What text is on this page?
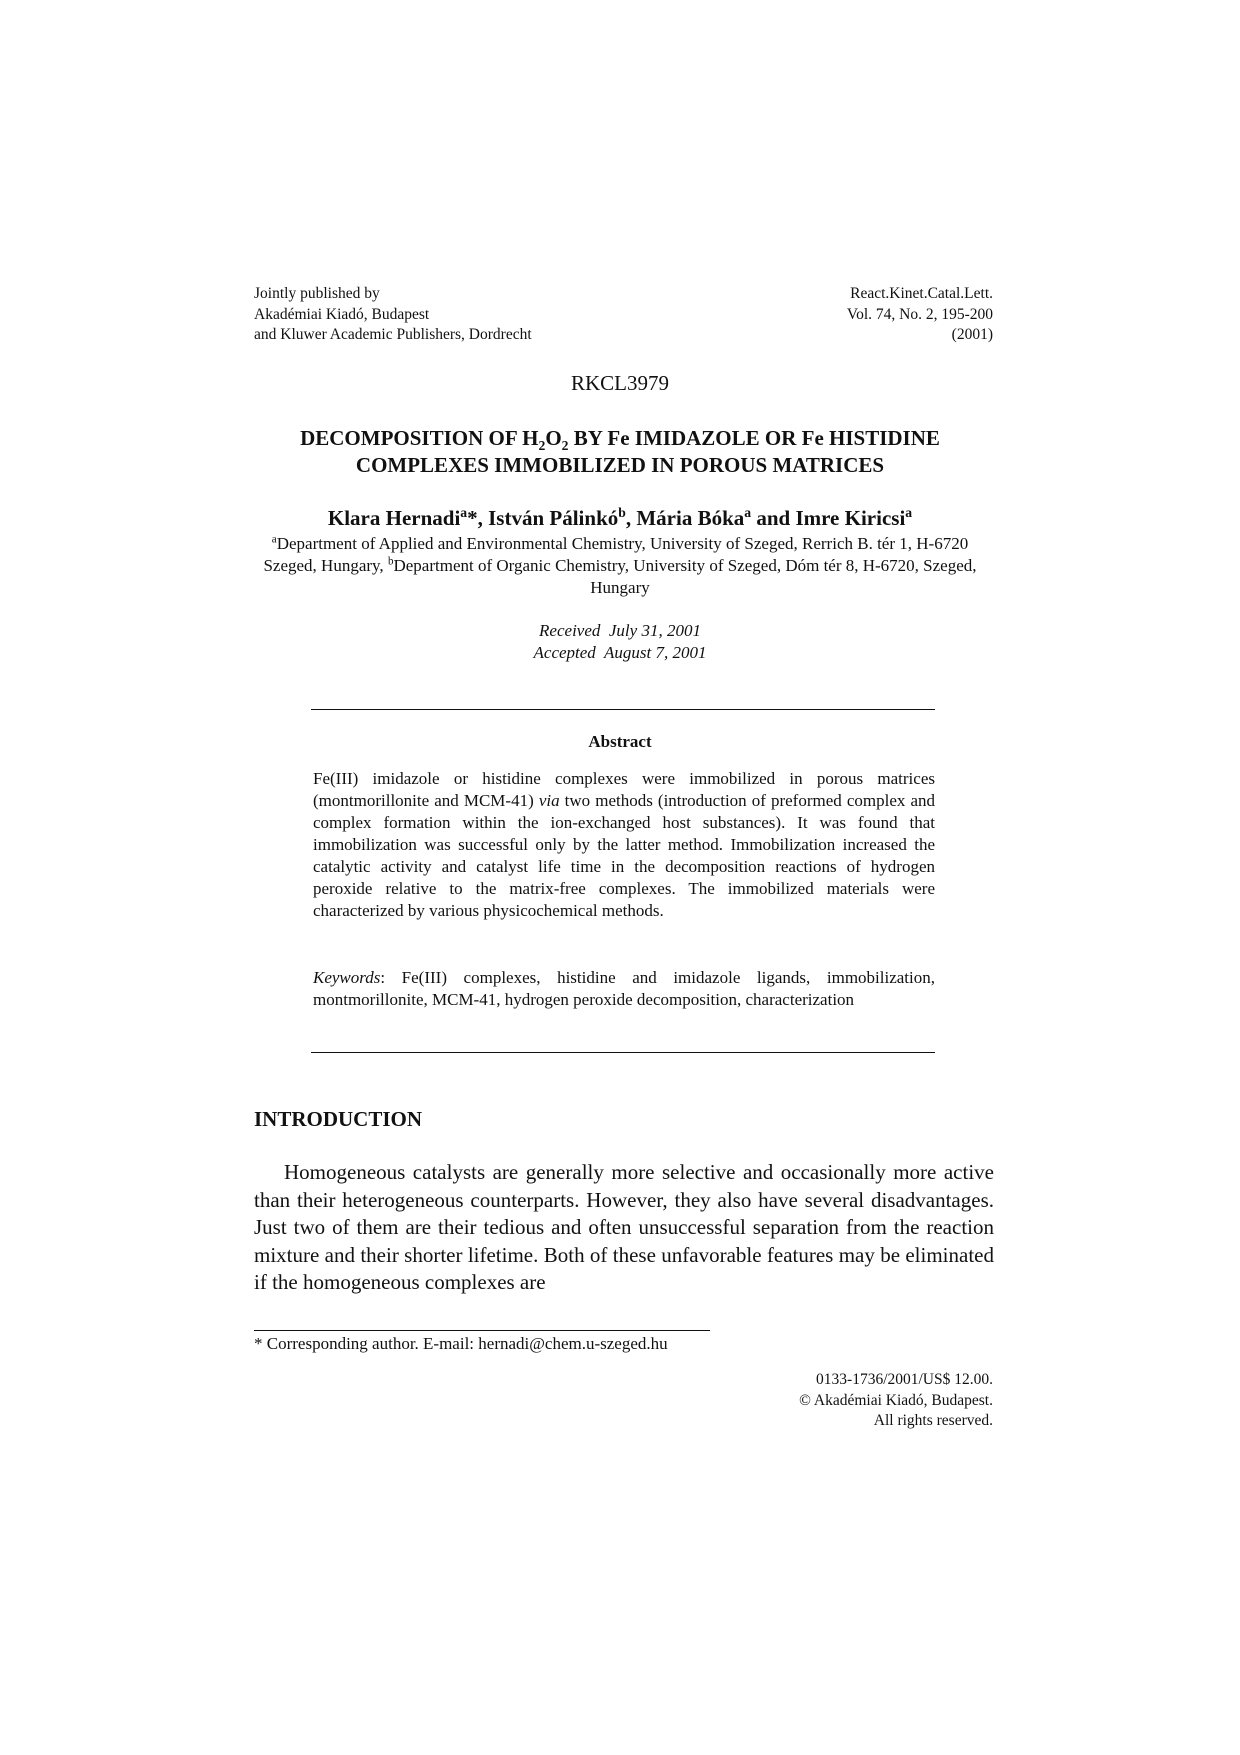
Jointly published by
Akadémiai Kiadó, Budapest
and Kluwer Academic Publishers, Dordrecht
React.Kinet.Catal.Lett.
Vol. 74, No. 2, 195-200
(2001)
RKCL3979
DECOMPOSITION OF $H_2O_2$ BY Fe IMIDAZOLE OR Fe HISTIDINE
COMPLEXES IMMOBILIZED IN POROUS MATRICES
Klara Hernadi$^a$*, István Pálinkó$^b$, Mária Bóka$^a$ and Imre Kiricsi$^a$
$^a$Department of Applied and Environmental Chemistry, University of Szeged, Rerrich B. tér 1, H-6720 Szeged, Hungary, $^b$Department of Organic Chemistry, University of Szeged, Dóm tér 8, H-6720, Szeged, Hungary
Received  July 31, 2001
Accepted  August 7, 2001
Abstract
Fe(III) imidazole or histidine complexes were immobilized in porous matrices (montmorillonite and MCM-41) via two methods (introduction of preformed complex and complex formation within the ion-exchanged host substances). It was found that immobilization was successful only by the latter method. Immobilization increased the catalytic activity and catalyst life time in the decomposition reactions of hydrogen peroxide relative to the matrix-free complexes. The immobilized materials were characterized by various physicochemical methods.
Keywords: Fe(III) complexes, histidine and imidazole ligands, immobilization, montmorillonite, MCM-41, hydrogen peroxide decomposition, characterization
INTRODUCTION
Homogeneous catalysts are generally more selective and occasionally more active than their heterogeneous counterparts. However, they also have several disadvantages. Just two of them are their tedious and often unsuccessful separation from the reaction mixture and their shorter lifetime. Both of these unfavorable features may be eliminated if the homogeneous complexes are
* Corresponding author. E-mail: hernadi@chem.u-szeged.hu
0133-1736/2001/US$ 12.00.
© Akadémiai Kiadó, Budapest.
All rights reserved.
